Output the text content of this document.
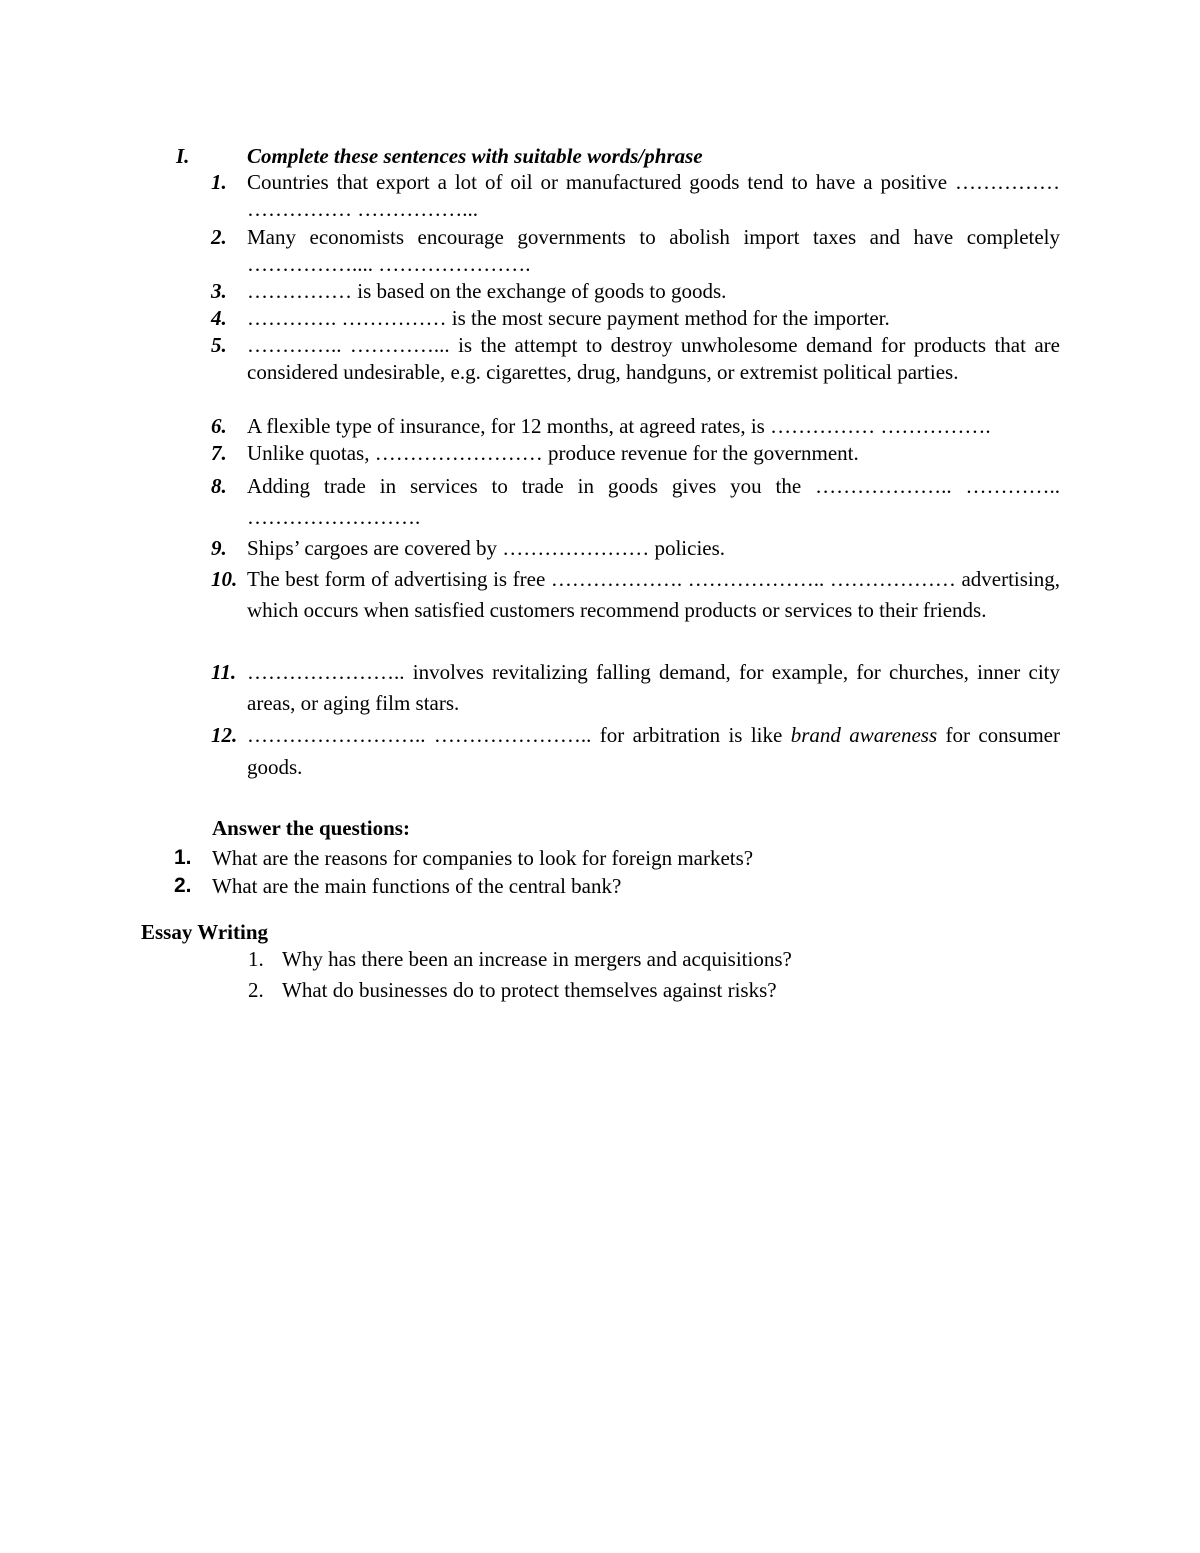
I.	Complete these sentences with suitable words/phrase
1. Countries that export a lot of oil or manufactured goods tend to have a positive …………… …………… ……………...
2. Many economists encourage governments to abolish import taxes and have completely …………….... ………………….
3. …………… is based on the exchange of goods to goods.
4. …………. …………… is the most secure payment method for the importer.
5. ………….. …………... is the attempt to destroy unwholesome demand for products that are considered undesirable, e.g. cigarettes, drug, handguns, or extremist political parties.
6. A flexible type of insurance, for 12 months, at agreed rates, is …………… …………….
7. Unlike quotas, …………………… produce revenue for the government.
8. Adding trade in services to trade in goods gives you the ……………….. ………….. …………………….
9. Ships’ cargoes are covered by ………………… policies.
10. The best form of advertising is free ………………. ……………….. ……………… advertising, which occurs when satisfied customers recommend products or services to their friends.
11. ………………….. involves revitalizing falling demand, for example, for churches, inner city areas, or aging film stars.
12. …………………….. ………………….. for arbitration is like brand awareness for consumer goods.
Answer the questions:
1. What are the reasons for companies to look for foreign markets?
2. What are the main functions of the central bank?
Essay Writing
1. Why has there been an increase in mergers and acquisitions?
2. What do businesses do to protect themselves against risks?
